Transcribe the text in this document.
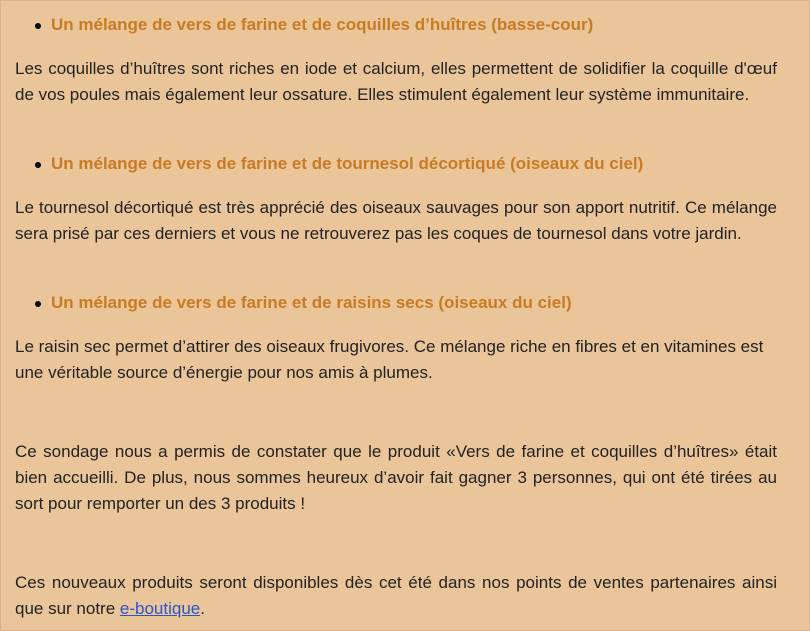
Un mélange de vers de farine et de coquilles d’huîtres (basse-cour)
Les coquilles d’huîtres sont riches en iode et calcium, elles permettent de solidifier la coquille d'œuf de vos poules mais également leur ossature. Elles stimulent également leur système immunitaire.
Un mélange de vers de farine et de tournesol décortiqué (oiseaux du ciel)
Le tournesol décortiqué est très apprécié des oiseaux sauvages pour son apport nutritif. Ce mélange sera prisé par ces derniers et vous ne retrouverez pas les coques de tournesol dans votre jardin.
Un mélange de vers de farine et de raisins secs (oiseaux du ciel)
Le raisin sec permet d’attirer des oiseaux frugivores. Ce mélange riche en fibres et en vitamines est une véritable source d’énergie pour nos amis à plumes.
Ce sondage nous a permis de constater que le produit «Vers de farine et coquilles d’huîtres» était bien accueilli. De plus, nous sommes heureux d’avoir fait gagner 3 personnes, qui ont été tirées au sort pour remporter un des 3 produits !
Ces nouveaux produits seront disponibles dès cet été dans nos points de ventes partenaires ainsi que sur notre e-boutique.
